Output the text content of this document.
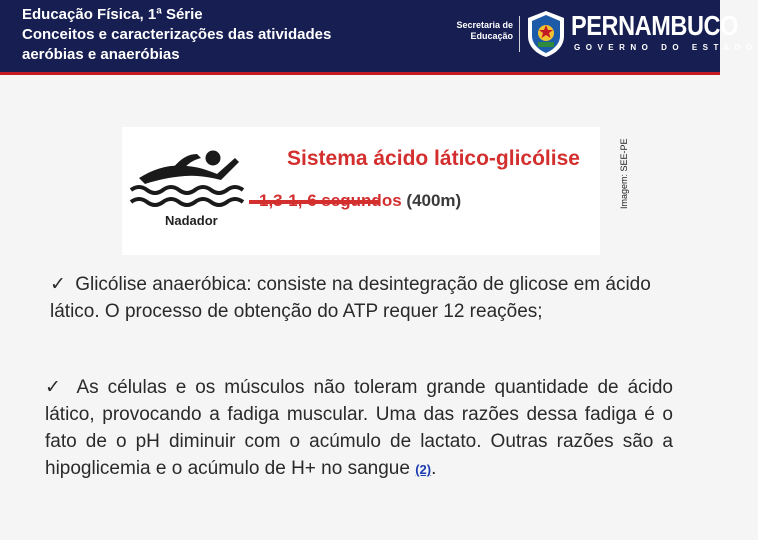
Educação Física, 1ª Série
Conceitos e caracterizações das atividades
aeróbias e anaeróbias
Secretaria de
Educação PERNAMBUCO
GOVERNO DO ESTADO
Nadador
Sistema ácido lático-glicólise
1,3-1, 6 segundos (400m)	Imagem: SEE-PE
✓ Glicólise anaeróbica: consiste na desintegração de glicose em ácido lático. O processo de obtenção do ATP requer 12 reações;
✓ As células e os músculos não toleram grande quantidade de ácido lático, provocando a fadiga muscular. Uma das razões dessa fadiga é o fato de o pH diminuir com o acúmulo de lactato. Outras razões são a hipoglicemia e o acúmulo de H+ no sangue (2).
